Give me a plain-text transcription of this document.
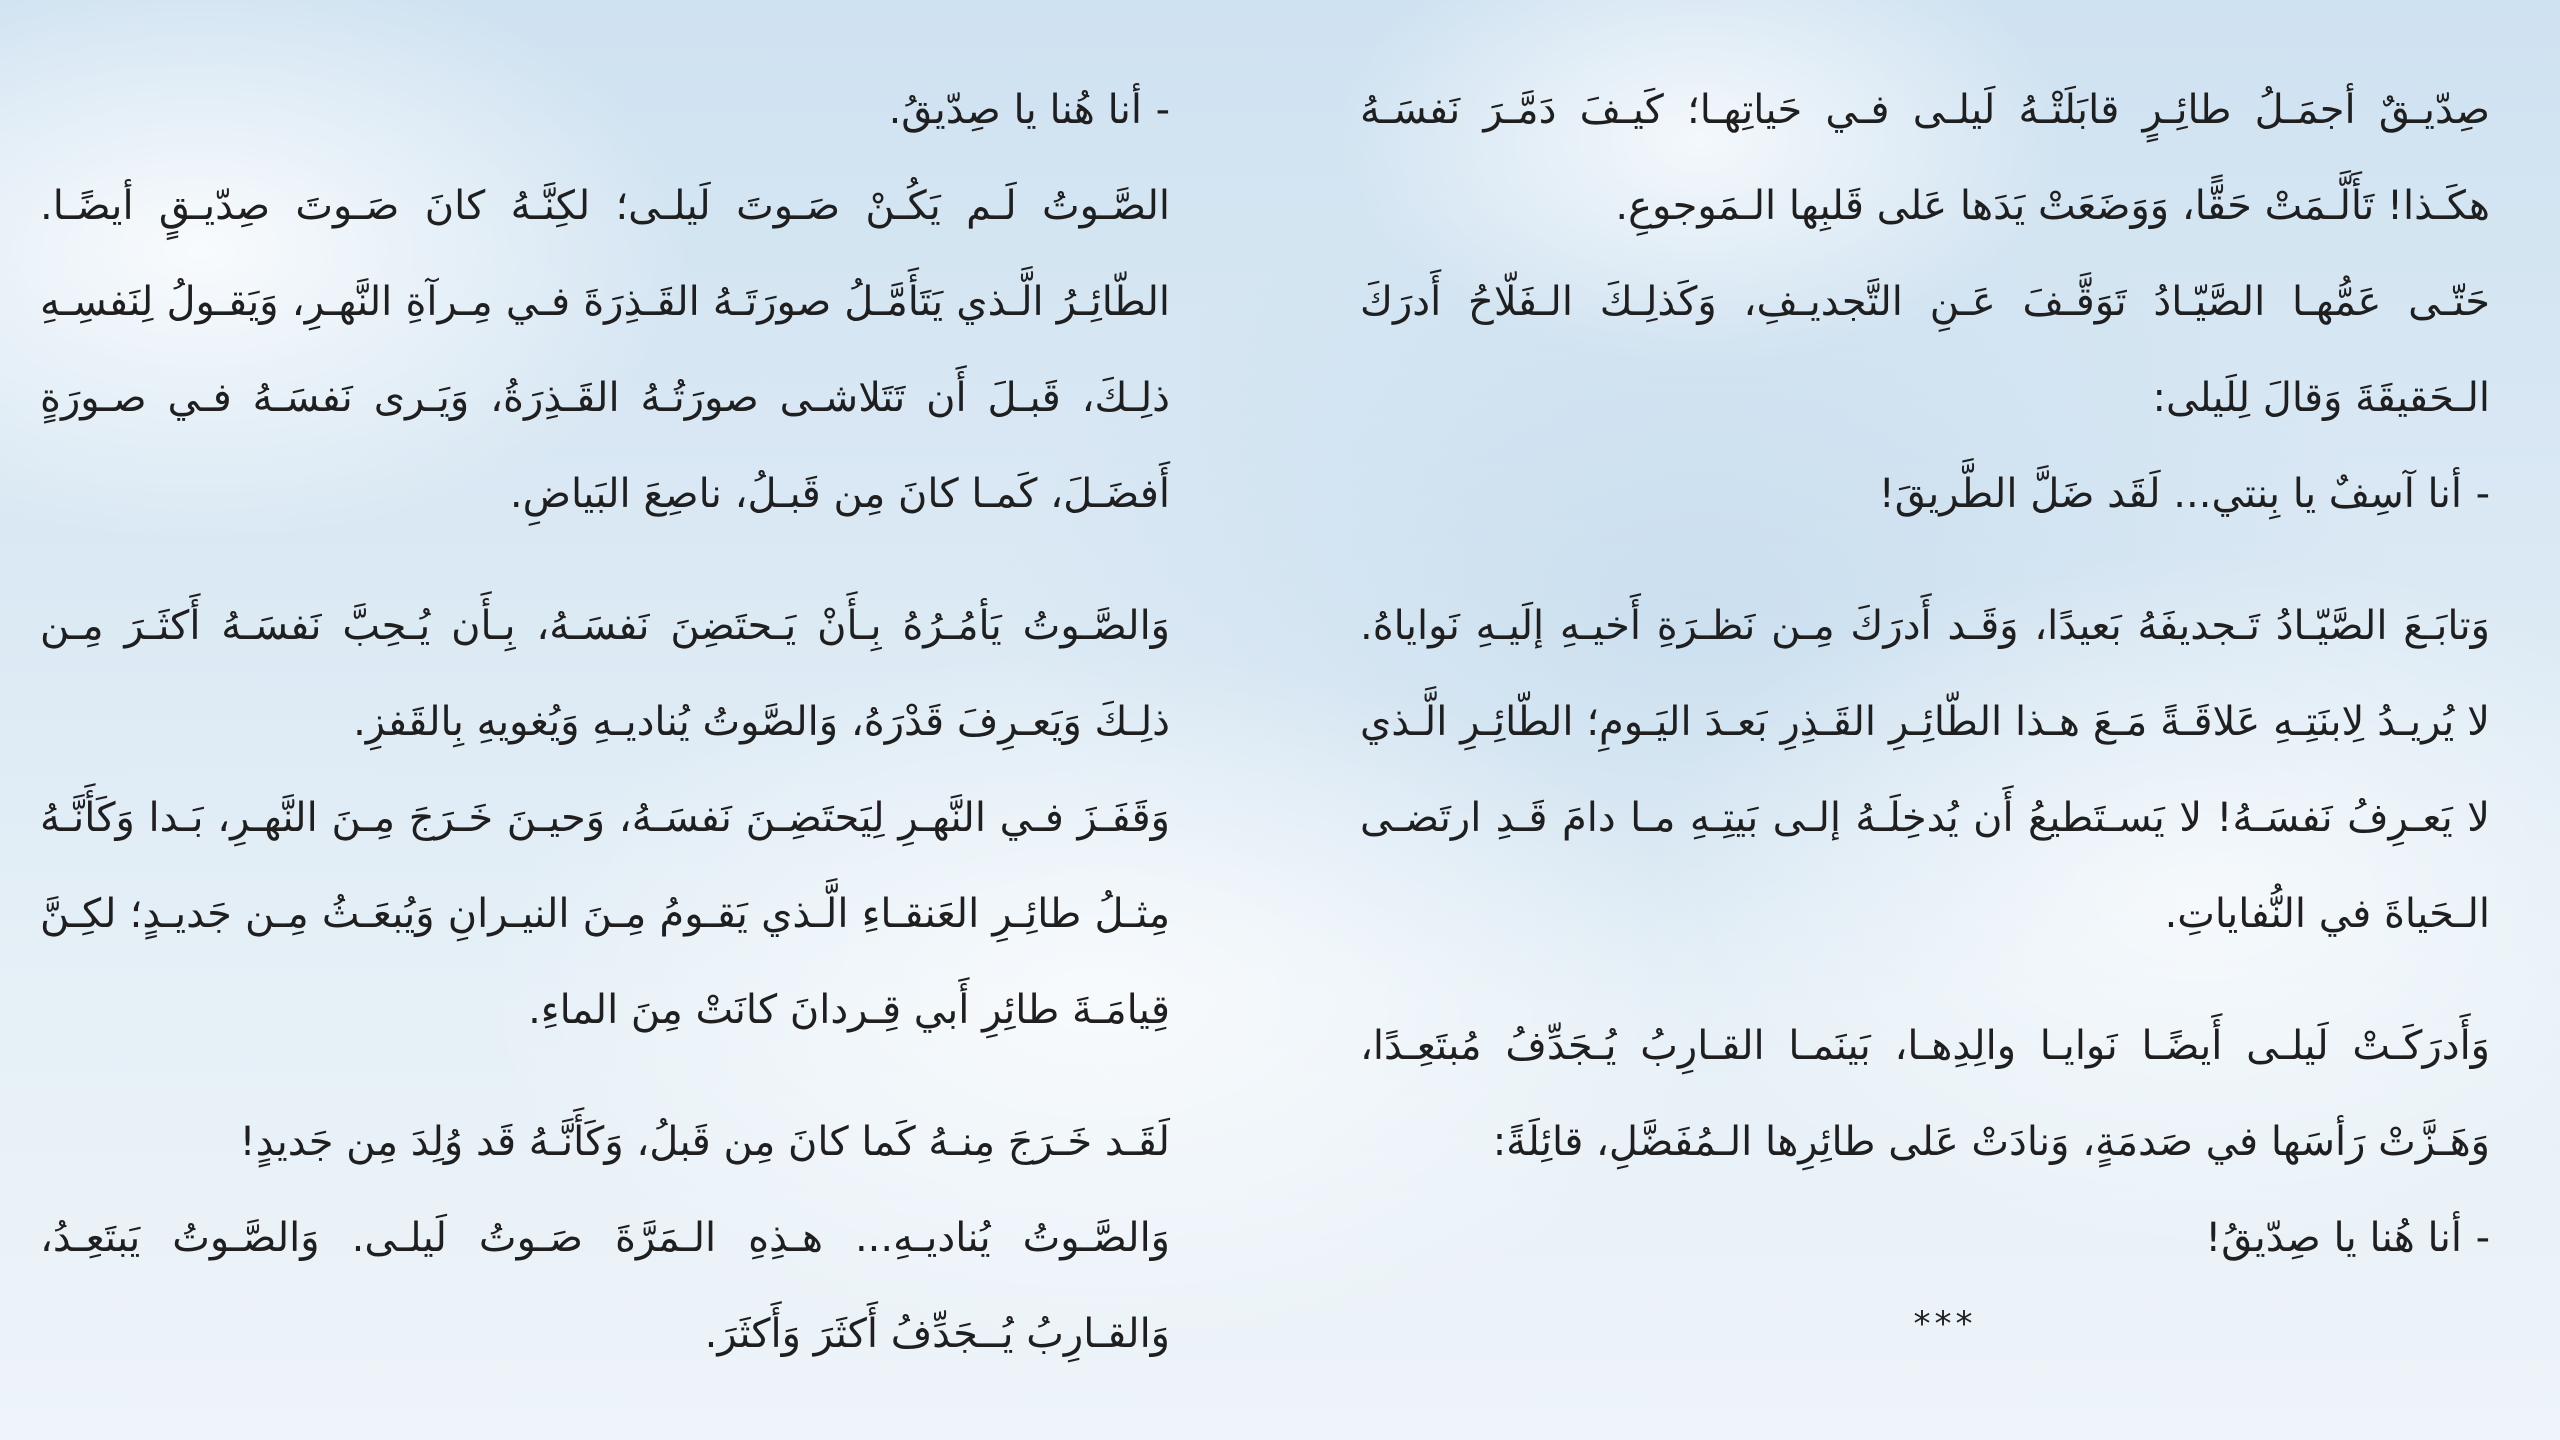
صِدّيـقٌ أجمَـلُ طائِـرٍ قابَلَتْـهُ لَيلـى فـي حَياتِهـا؛ كَيـفَ دَمَّـرَ نَفسَـهُ هكَـذا! تَأَلَّـمَتْ حَقًّا، وَوَضَعَتْ يَدَها عَلى قَلبِها الـمَوجوعِ.

حَتّـى عَمُّهـا الصَّيّـادُ تَوَقَّـفَ عَـنِ التَّجديـفِ، وَكَذلِـكَ الـفَلّاحُ أَدرَكَ الـحَقيقَةَ وَقالَ لِلَيلى:

- أنا آسِفٌ يا بِنتي... لَقَد ضَلَّ الطَّريقَ!

وَتابَـعَ الصَّيّـادُ تَـجديفَهُ بَعيدًا، وَقَـد أَدرَكَ مِـن نَظـرَةِ أَخيـهِ إلَيـهِ نَواياهُ. لا يُريـدُ لِابنَتِـهِ عَلاقَـةً مَـعَ هـذا الطّائِـرِ القَـذِرِ بَعـدَ اليَـومِ؛ الطّائِـرِ الَّـذي لا يَعـرِفُ نَفسَـهُ! لا يَسـتَطيعُ أَن يُدخِلَـهُ إلـى بَيتِـهِ مـا دامَ قَـدِ ارتَضـى الـحَياةَ في النُّفاياتِ.

وَأَدرَكَـتْ لَيلـى أَيضًـا نَوايـا والِدِهـا، بَينَمـا القـارِبُ يُـجَدِّفُ مُبتَعِـدًا، وَهَـزَّتْ رَأسَها في صَدمَةٍ، وَنادَتْ عَلى طائِرِها الـمُفَضَّلِ، قائِلَةً:

- أنا هُنا يا صِدّيقُ!

***

- أنا هُنا يا صِدّيقُ.

الصَّـوتُ لَـم يَكُـنْ صَـوتَ لَيلـى؛ لكِنَّـهُ كانَ صَـوتَ صِدّيـقٍ أيضًـا. الطّائِـرُ الَّـذي يَتَأَمَّـلُ صورَتَـهُ القَـذِرَةَ فـي مِـرآةِ النَّهـرِ، وَيَقـولُ لِنَفسِـهِ ذلِـكَ، قَبـلَ أَن تَتَلاشـى صورَتُـهُ القَـذِرَةُ، وَيَـرى نَفسَـهُ فـي صـورَةٍ أَفضَـلَ، كَمـا كانَ مِن قَبـلُ، ناصِعَ البَياضِ.

وَالصَّـوتُ يَأمُـرُهُ بِـأَنْ يَـحتَضِنَ نَفسَـهُ، بِـأَن يُـحِبَّ نَفسَـهُ أَكثَـرَ مِـن ذلِـكَ وَيَعـرِفَ قَدْرَهُ، وَالصَّوتُ يُناديـهِ وَيُغويهِ بِالقَفزِ.

وَقَفَـزَ فـي النَّهـرِ لِيَحتَضِـنَ نَفسَـهُ، وَحيـنَ خَـرَجَ مِـنَ النَّهـرِ، بَـدا وَكَأَنَّـهُ مِثـلُ طائِـرِ العَنقـاءِ الَّـذي يَقـومُ مِـنَ النيـرانِ وَيُبعَـثُ مِـن جَديـدٍ؛ لكِـنَّ قِيامَـةَ طائِرِ أَبي قِـردانَ كانَتْ مِنَ الماءِ.

لَقَـد خَـرَجَ مِنـهُ كَما كانَ مِن قَبلُ، وَكَأَنَّـهُ قَد وُلِدَ مِن جَديدٍ!

وَالصَّـوتُ يُناديـهِ... هـذِهِ الـمَرَّةَ صَـوتُ لَيلـى. وَالصَّـوتُ يَبتَعِـدُ، وَالقـارِبُ يُــجَدِّفُ أَكثَرَ وَأَكثَرَ.
